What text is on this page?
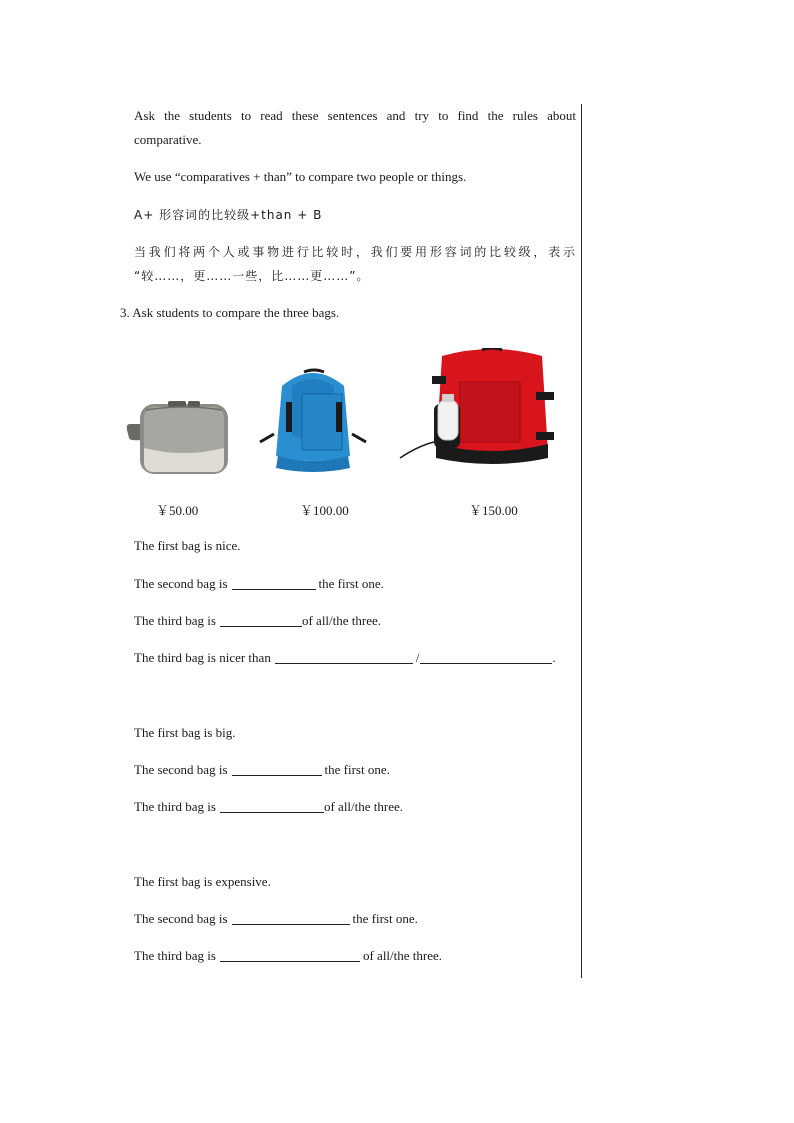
Ask the students to read these sentences and try to find the rules about
comparative.
We use “comparatives + than” to compare two people or things.
A+ 形容词的比较级+than + B
当我们将两个人或事物进行比较时，我们要用形容词的比较级，表示
“较……，更……一些，比……更……”。
3. Ask students to compare the three bags.
￥50.00	￥100.00	￥150.00
The first bag is nice.
The second bag is	the first one.
The third bag is	of all/the three.
The third bag is nicer than	/	.
The first bag is big.
The second bag is	the first one.
The third bag is	of all/the three.
The first bag is expensive.
The second bag is	the first one.
The third bag is	of all/the three.
